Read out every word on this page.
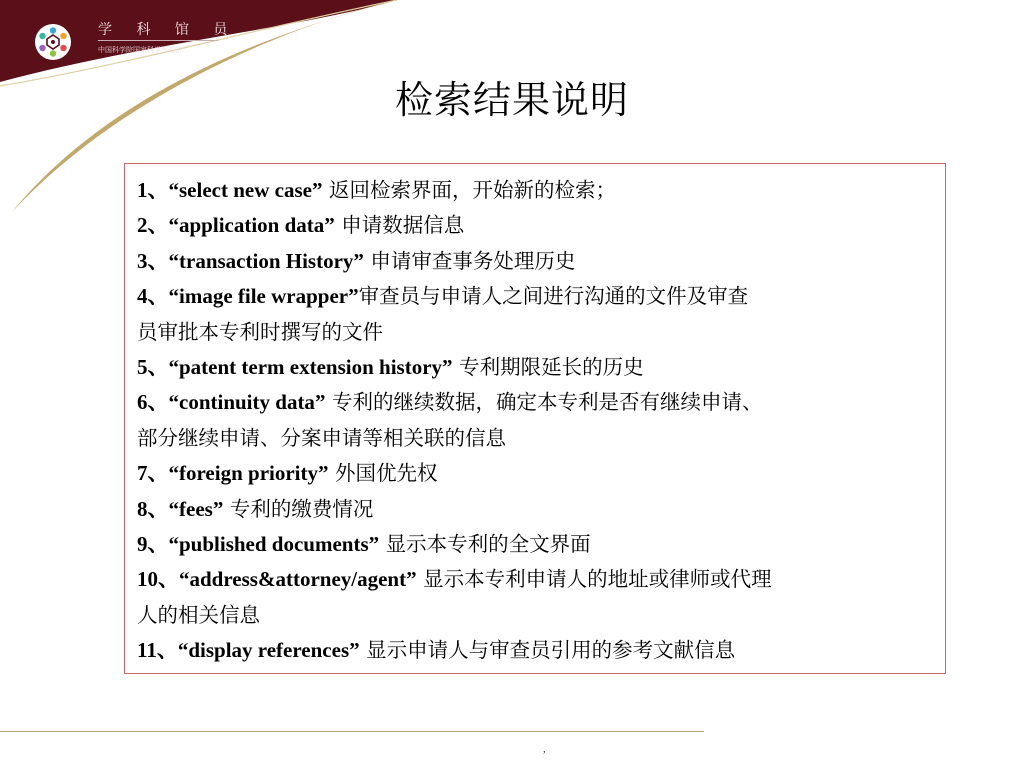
学 科 馆 员
中国科学院国家科学图书馆
检索结果说明
1、“select new case” 返回检索界面，开始新的检索；
2、“application data” 申请数据信息
3、“transaction History” 申请审查事务处理历史
4、“image file wrapper”审查员与申请人之间进行沟通的文件及审查
员审批本专利时撰写的文件
5、“patent term extension history” 专利期限延长的历史
6、“continuity data” 专利的继续数据，确定本专利是否有继续申请、
部分继续申请、分案申请等相关联的信息
7、“foreign priority” 外国优先权
8、“fees” 专利的缴费情况
9、“published documents” 显示本专利的全文界面
10、“address&attorney/agent” 显示本专利申请人的地址或律师或代理
人的相关信息
11、“display references” 显示申请人与审查员引用的参考文献信息
,
